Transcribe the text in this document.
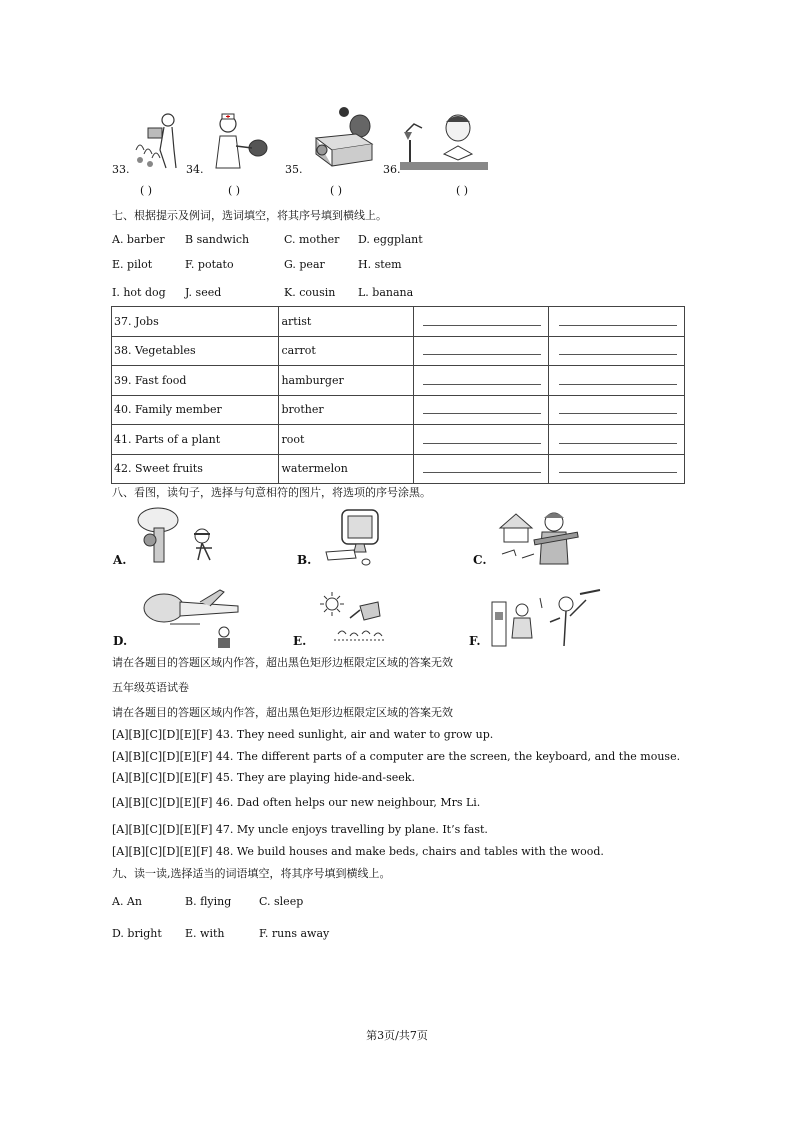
33.	34.	35.	36.
( )	( )	( )	( )
七、根据提示及例词，选词填空，将其序号填到横线上。
A. barber B sandwich	C. mother D. eggplant
E. pilot	F. potato	G. pear	H. stem
I. hot dog J. seed	K. cousin L. banana
37. Jobs	artist	

38. Vegetables	carrot	

39. Fast food	hamburger	

40. Family member	brother	

41. Parts of a plant	root	

42. Sweet fruits	watermelon	

八、看图，读句子，选择与句意相符的图片，将选项的序号涂黑。
A.	B.	C.
D.	E.	F.
请在各题目的答题区域内作答，超出黑色矩形边框限定区域的答案无效
五年级英语试卷
请在各题目的答题区域内作答，超出黑色矩形边框限定区域的答案无效
[A][B][C][D][E][F] 43. They need sunlight, air and water to grow up.
[A][B][C][D][E][F] 44. The different parts of a computer are the screen, the keyboard, and the mouse.
[A][B][C][D][E][F] 45. They are playing hide-and-seek.
[A][B][C][D][E][F] 46. Dad often helps our new neighbour, Mrs Li.
[A][B][C][D][E][F] 47. My uncle enjoys travelling by plane. It’s fast.
[A][B][C][D][E][F] 48. We build houses and make beds, chairs and tables with the wood.
九、读一读,选择适当的词语填空，将其序号填到横线上。
A. An	B. flying	C. sleep
D. bright E. with	F. runs away
第3页/共7页
